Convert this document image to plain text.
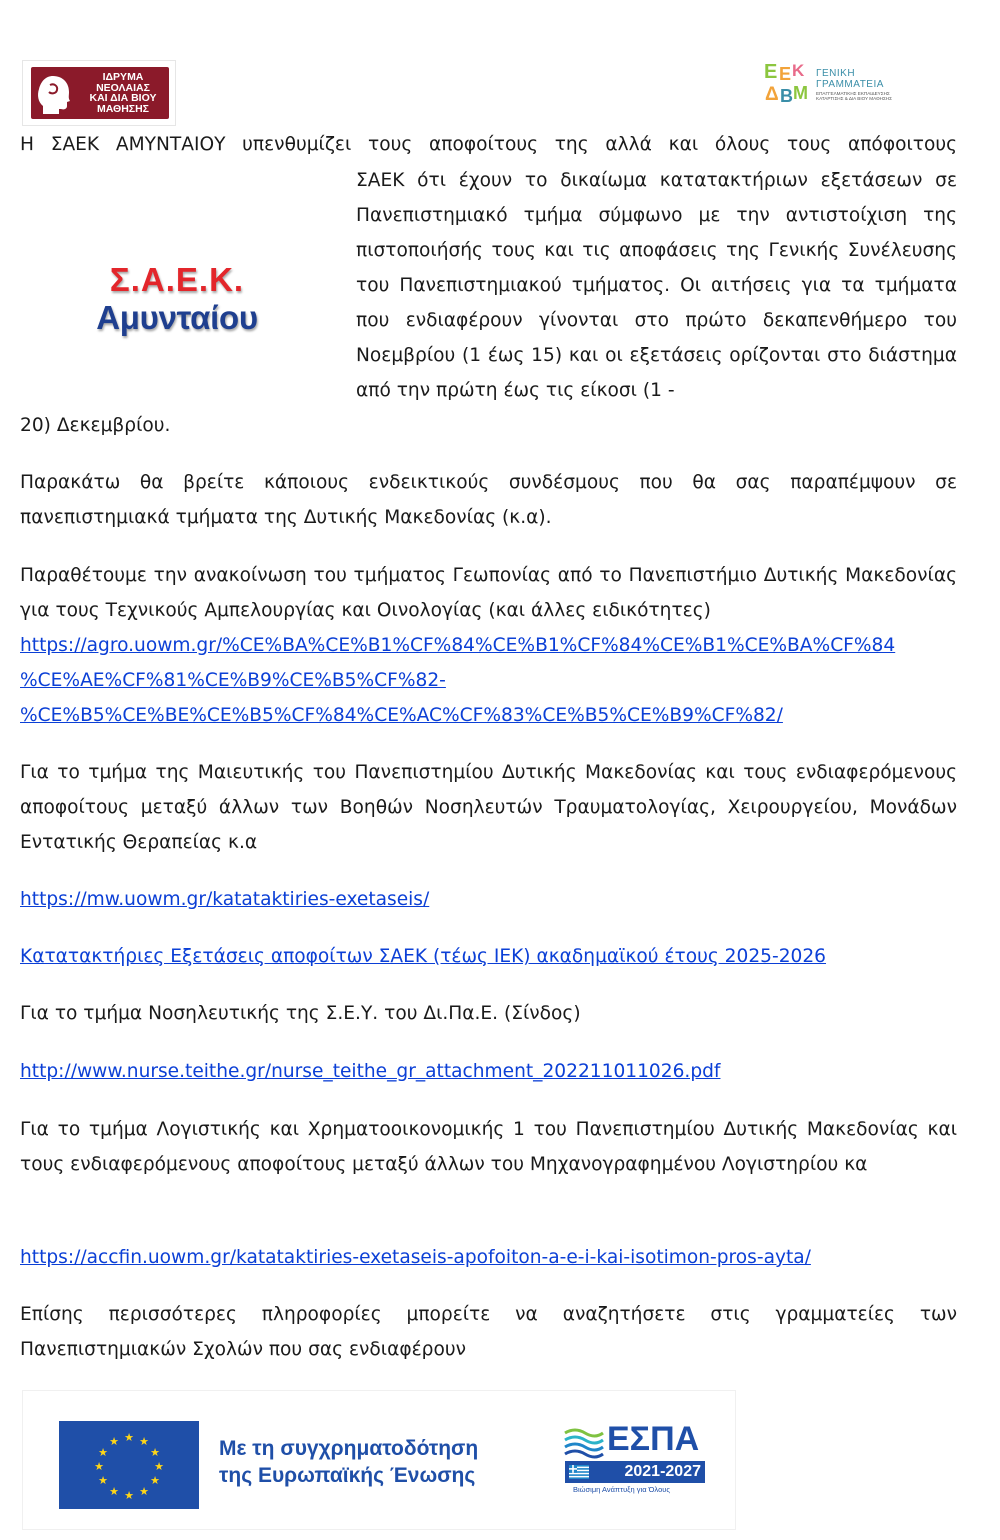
ΙΔΡΥΜΑ
ΝΕΟΛΑΙΑΣ
ΚΑΙ ΔΙΑ ΒΙΟΥ
ΜΑΘΗΣΗΣ
Ε Ε Κ
Δ Β Μ
ΓΕΝΙΚΗ
ΓΡΑΜΜΑΤΕΙΑ
ΕΠΑΓΓΕΛΜΑΤΙΚΗΣ ΕΚΠΑΙΔΕΥΣΗΣ
ΚΑΤΑΡΤΙΣΗΣ & ΔΙΑ ΒΙΟΥ ΜΑΘΗΣΗΣ
Η ΣΑΕΚ ΑΜΥΝΤΑΙΟΥ υπενθυμίζει τους αποφοίτους της αλλά και όλους τους απόφοιτους
Σ.Α.Ε.Κ.
Αμυνταίου

ΣΑΕΚ ότι έχουν το δικαίωμα κατατακτήριων εξετάσεων σε Πανεπιστημιακό τμήμα σύμφωνο με την αντιστοίχιση της πιστοποιήσής τους και τις αποφάσεις της Γενικής Συνέλευσης του Πανεπιστημιακού τμήματος. Οι αιτήσεις για τα τμήματα που ενδιαφέρουν γίνονται στο πρώτο δεκαπενθήμερο του Νοεμβρίου (1 έως 15) και οι εξετάσεις ορίζονται στο διάστημα από την πρώτη έως τις είκοσι (1 -

20) Δεκεμβρίου.

Παρακάτω θα βρείτε κάποιους ενδεικτικούς συνδέσμους που θα σας παραπέμψουν σε πανεπιστημιακά τμήματα της Δυτικής Μακεδονίας (κ.α).

Παραθέτουμε την ανακοίνωση του τμήματος Γεωπονίας από το Πανεπιστήμιο Δυτικής Μακεδονίας για τους Τεχνικούς Αμπελουργίας και Οινολογίας (και άλλες ειδικότητες)

https://agro.uowm.gr/%CE%BA%CE%B1%CF%84%CE%B1%CF%84%CE%B1%CE%BA%CF%84
%CE%AE%CF%81%CE%B9%CE%B5%CF%82-
%CE%B5%CE%BE%CE%B5%CF%84%CE%AC%CF%83%CE%B5%CE%B9%CF%82/

Για το τμήμα της Μαιευτικής του Πανεπιστημίου Δυτικής Μακεδονίας και τους ενδιαφερόμενους αποφοίτους μεταξύ άλλων των Βοηθών Νοσηλευτών Τραυματολογίας, Χειρουργείου, Μονάδων Εντατικής Θεραπείας κ.α

https://mw.uowm.gr/katataktiries-exetaseis/
Κατατακτήριες Εξετάσεις αποφοίτων ΣΑΕΚ (τέως ΙΕΚ) ακαδημαϊκού έτους 2025-2026
Για το τμήμα Νοσηλευτικής της Σ.Ε.Υ. του Δι.Πα.Ε. (Σίνδος)
http://www.nurse.teithe.gr/nurse_teithe_gr_attachment_202211011026.pdf

Για το τμήμα Λογιστικής και Χρηματοοικονομικής 1 του Πανεπιστημίου Δυτικής Μακεδονίας και τους ενδιαφερόμενους αποφοίτους μεταξύ άλλων του Μηχανογραφημένου Λογιστηρίου κα

https://accfin.uowm.gr/katataktiries-exetaseis-apofoiton-a-e-i-kai-isotimon-pros-ayta/

Επίσης περισσότερες πληροφορίες μπορείτε να αναζητήσετε στις γραμματείες των Πανεπιστημιακών Σχολών που σας ενδιαφέρουν

★ ★
★
★
★
★
★
★
★
★
★
★	Με τη συγχρηματοδότηση
της Ευρωπαϊκής Ένωσης
ΕΣΠΑ
2021-2027
Βιώσιμη Ανάπτυξη για Όλους
